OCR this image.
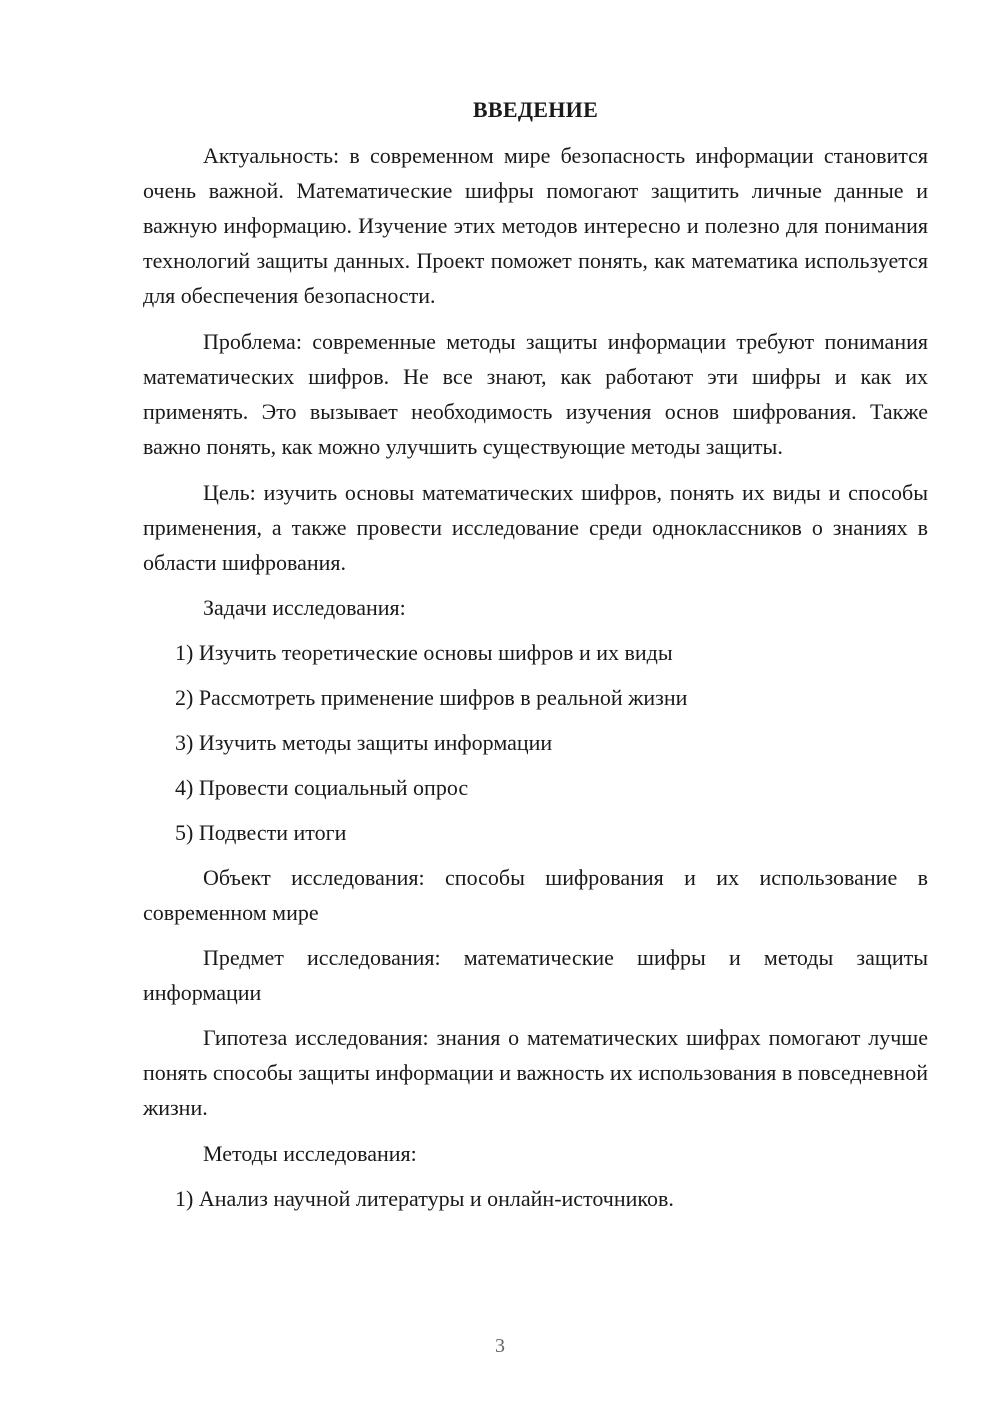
ВВЕДЕНИЕ

Актуальность: в современном мире безопасность информации становится очень важной. Математические шифры помогают защитить личные данные и важную информацию. Изучение этих методов интересно и полезно для понимания технологий защиты данных. Проект поможет понять, как математика используется для обеспечения безопасности.

Проблема: современные методы защиты информации требуют понимания математических шифров. Не все знают, как работают эти шифры и как их применять. Это вызывает необходимость изучения основ шифрования. Также важно понять, как можно улучшить существующие методы защиты.

Цель: изучить основы математических шифров, понять их виды и способы применения, а также провести исследование среди одноклассников о знаниях в области шифрования.

Задачи исследования:

1) Изучить теоретические основы шифров и их виды

2) Рассмотреть применение шифров в реальной жизни

3) Изучить методы защиты информации

4) Провести социальный опрос

5) Подвести итоги

Объект исследования: способы шифрования и их использование в современном мире

Предмет исследования: математические шифры и методы защиты информации

Гипотеза исследования: знания о математических шифрах помогают лучше понять способы защиты информации и важность их использования в повседневной жизни.

Методы исследования:

1) Анализ научной литературы и онлайн-источников.

3
